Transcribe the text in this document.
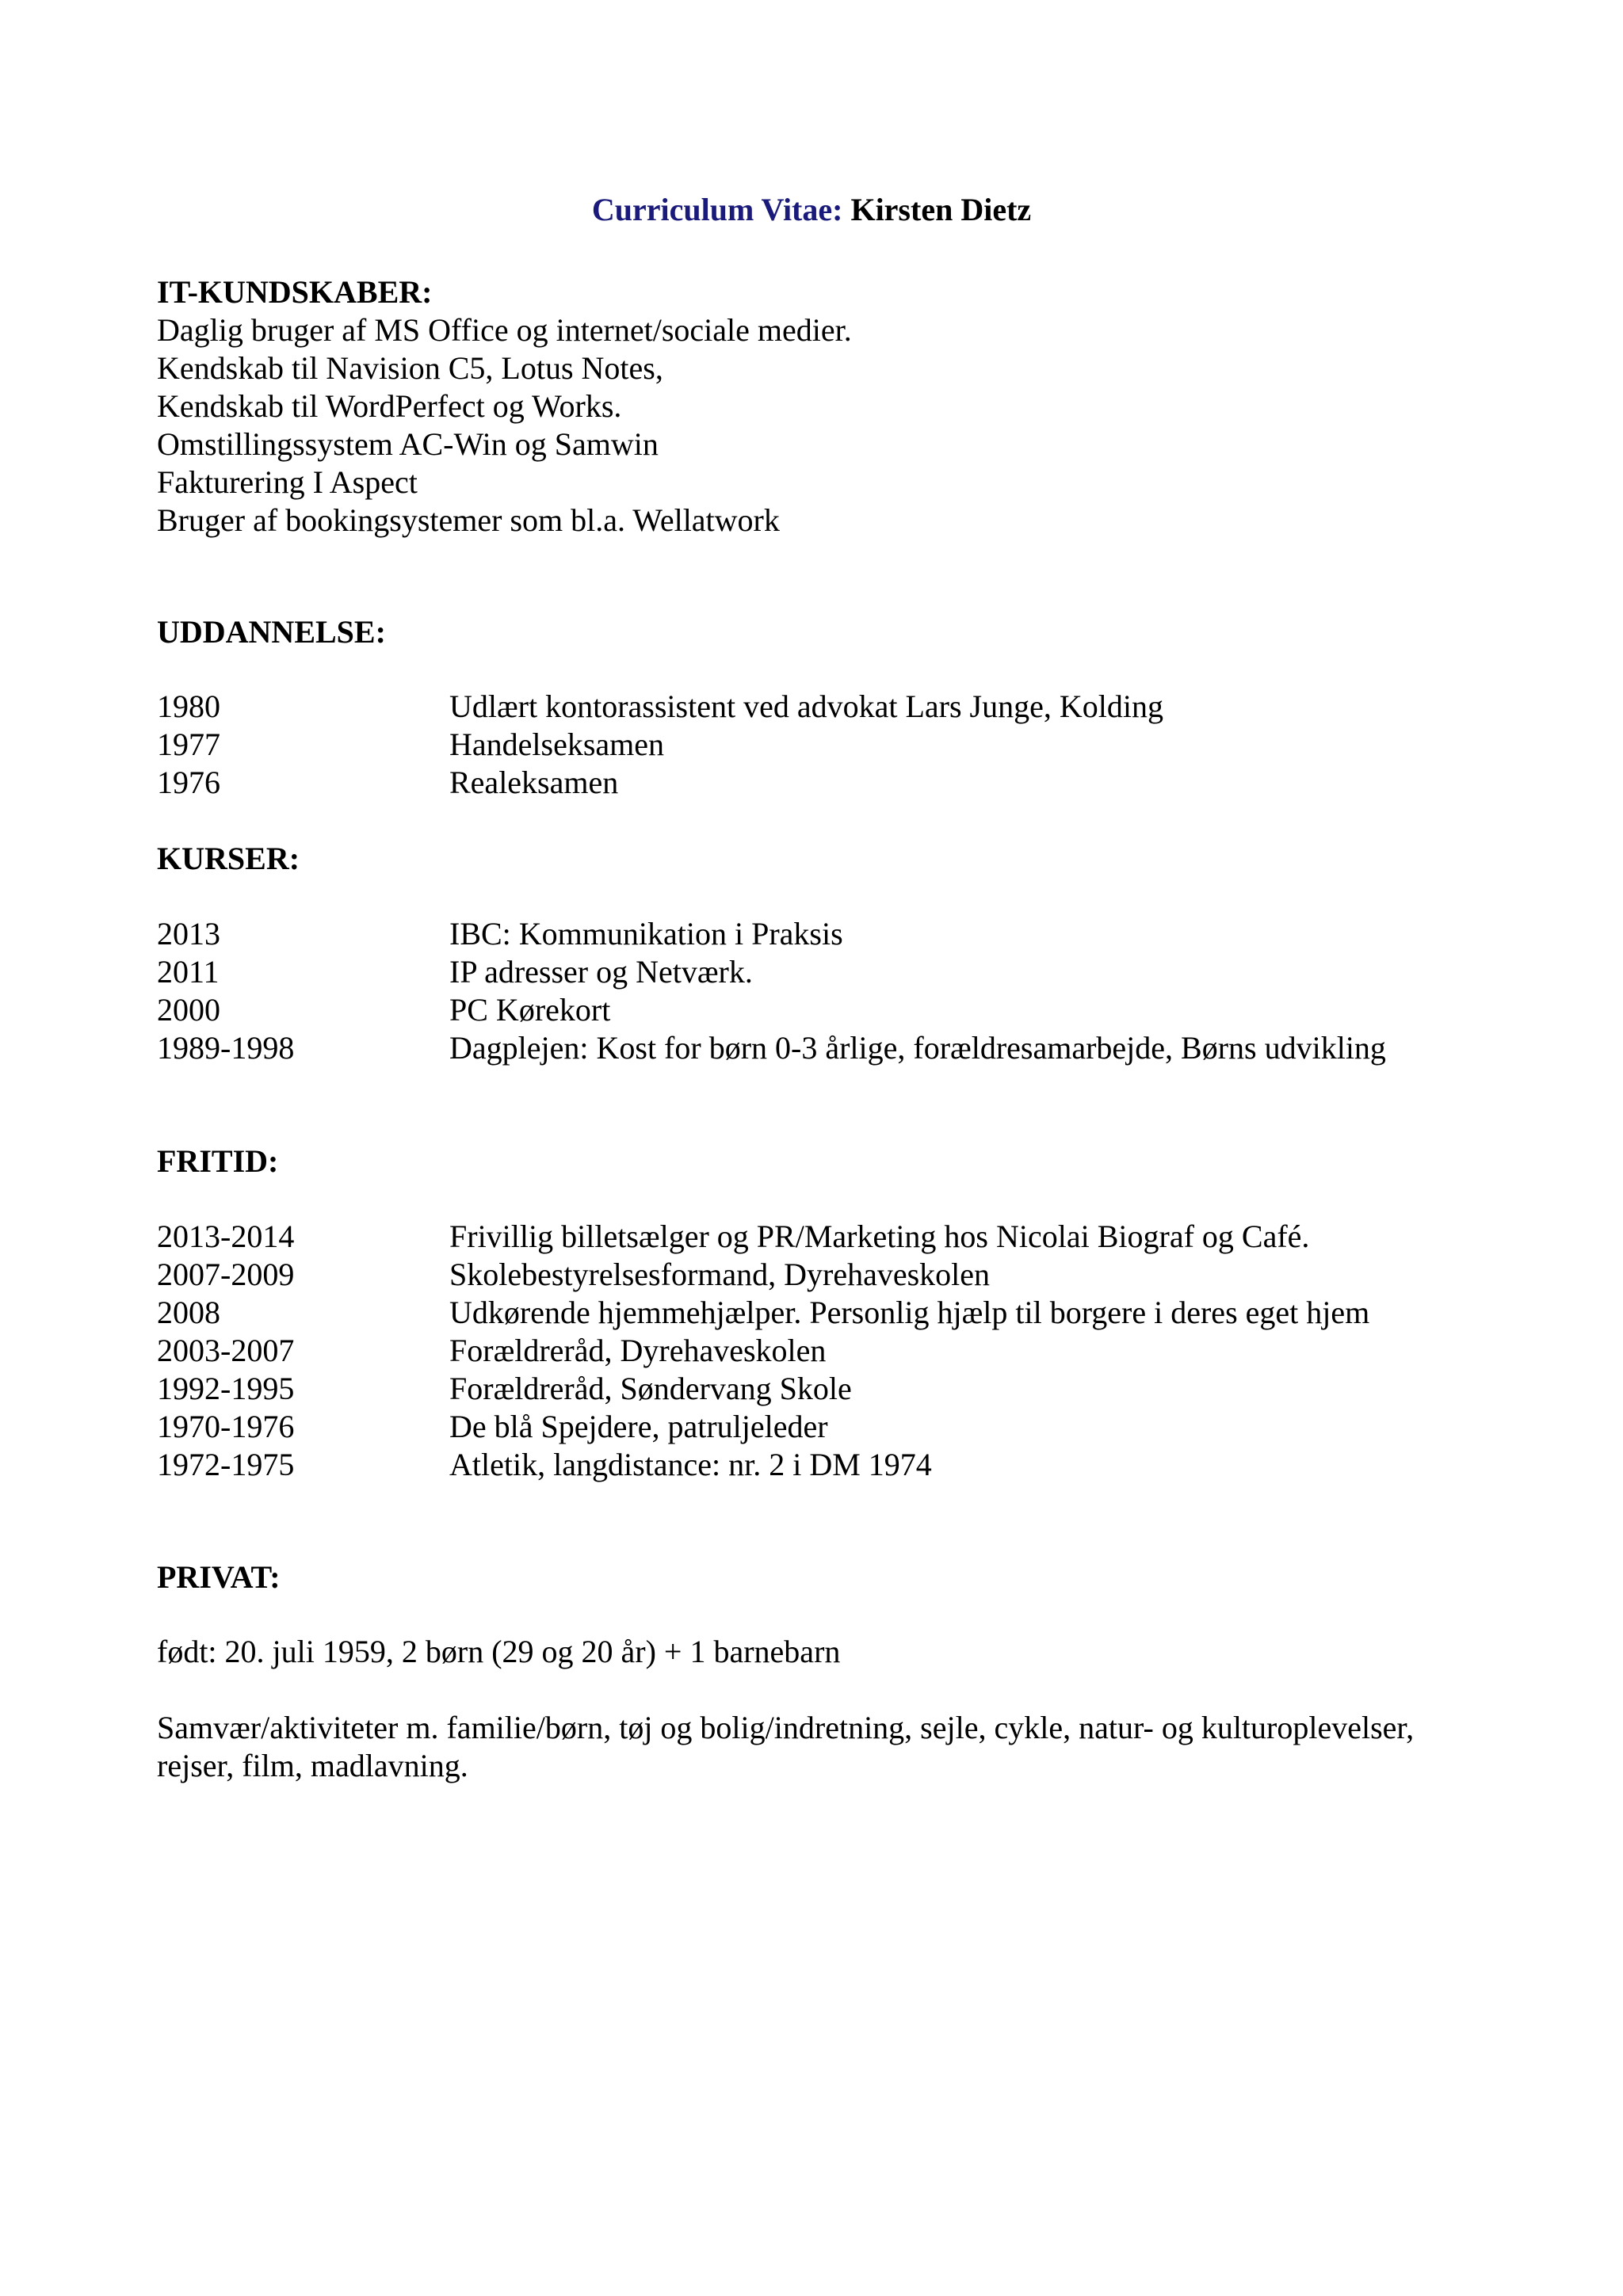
Curriculum Vitae: Kirsten Dietz
IT-KUNDSKABER:
Daglig bruger af MS Office og internet/sociale medier.
Kendskab til Navision C5, Lotus Notes,
Kendskab til WordPerfect og Works.
Omstillingssystem AC-Win og Samwin
Fakturering I Aspect
Bruger af bookingsystemer som bl.a. Wellatwork
UDDANNELSE:
1980	Udlært kontorassistent ved advokat Lars Junge, Kolding
1977	Handelseksamen
1976	Realeksamen
KURSER:
2013	IBC: Kommunikation i Praksis
2011	IP adresser og Netværk.
2000	PC Kørekort
1989-1998	Dagplejen: Kost for børn 0-3 årlige, forældresamarbejde, Børns udvikling
FRITID:
2013-2014	Frivillig billetsælger og PR/Marketing hos Nicolai Biograf og Café.
2007-2009	Skolebestyrelsesformand, Dyrehaveskolen
2008	Udkørende hjemmehjælper. Personlig hjælp til borgere i deres eget hjem
2003-2007	Forældreråd, Dyrehaveskolen
1992-1995	Forældreråd, Søndervang Skole
1970-1976	De blå Spejdere, patruljeleder
1972-1975	Atletik, langdistance: nr. 2 i DM 1974
PRIVAT:
født: 20. juli 1959, 2 børn (29 og 20 år) + 1 barnebarn
Samvær/aktiviteter m. familie/børn, tøj og bolig/indretning, sejle, cykle, natur- og kulturoplevelser, rejser, film, madlavning.
